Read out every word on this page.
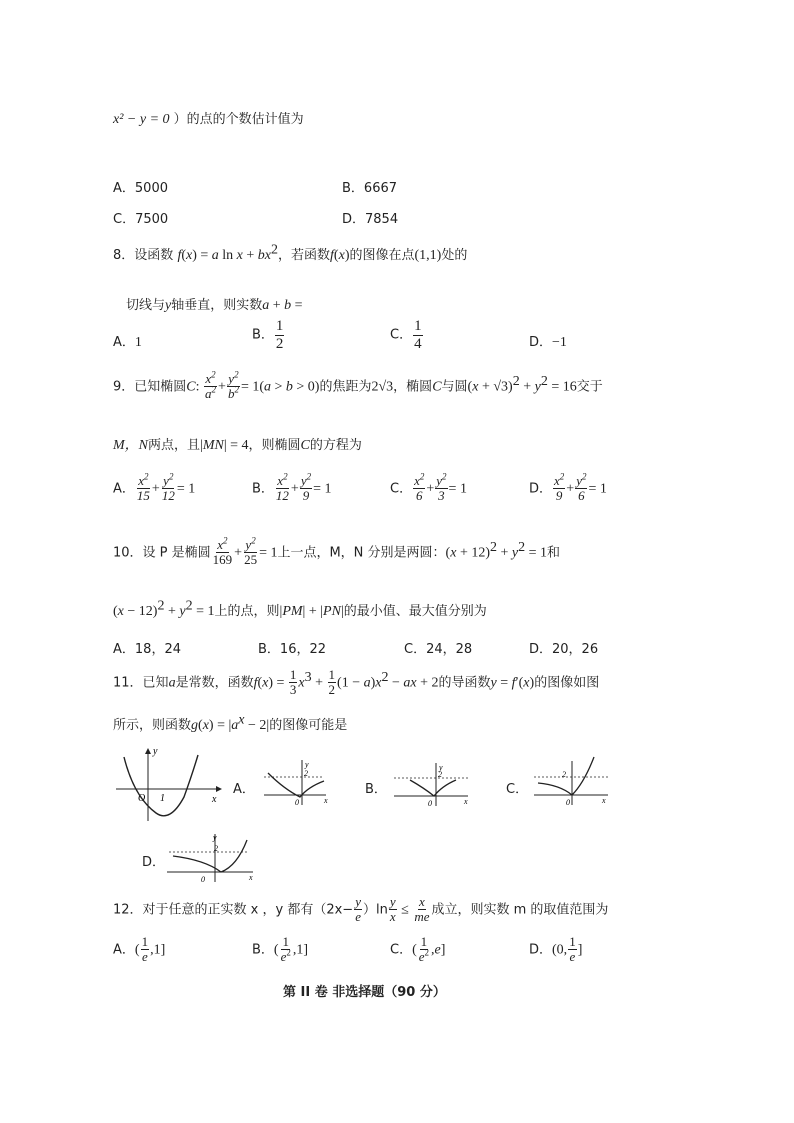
x² − y = 0 ）的点的个数估计值为
A．5000	B．6667
C．7500	D．7854
8．设函数 f(x) = a $\ln x + bx^2$，若函数f(x)的图像在点(1,1)处的
切线与y轴垂直，则实数a + b =
A．1	B． $\frac{1}{2}$	C． $\frac{1}{4}$	D．−1
9．已知椭圆C: $\frac{x^2}{a^2} + \frac{y^2}{b^2} = 1(a > b > 0)$的焦距为2√3，椭圆C与圆$(x + √3)^2 + y^2 = 16$交于
M，N两点，且|MN| = 4，则椭圆C的方程为
A． $\frac{x^2}{15} + \frac{y^2}{12} = 1$	B． $\frac{x^2}{12} + \frac{y^2}{9} = 1$	C． $\frac{x^2}{6} + \frac{y^2}{3} = 1$	D． $\frac{x^2}{9} + \frac{y^2}{6} = 1$
10．设 P 是椭圆 $\frac{x^2}{169} + \frac{y^2}{25} = 1$上一点，M，N 分别是两圆：$(x + 12)^2 + y^2 = 1$和
$(x - 12)^2 + y^2 = 1$上的点，则|PM| + |PN|的最小值、最大值分别为
A．18，24	B．16，22	C．24，28	D．20，26
11．已知a是常数，函数$f(x) = \frac{1}{3} x^3 + \frac{1}{2} (1 - a)x^2$ − ax + 2的导函数y = f′(x)的图像如图
所示，则函数$g(x) = |a^x - 2|$的图像可能是
y
x
O 1
A．
y
2
0	x
B．
y
2
0	x
C．
2
0	x
D．
y
2
0	x
12．对于任意的正实数 x ，y 都有$(2x- \frac{y}{e} )\ln \frac{y}{x} \le \frac{x}{me}$ 成立，则实数 m 的取值范围为
A．( $\frac{1}{e} ,1$]	B．( $\frac{1}{e^2} ,1$]	C．( $\frac{1}{e^2} ,e$]	D．(0, $\frac{1}{e}$ ]
第 II 卷 非选择题（90 分）
